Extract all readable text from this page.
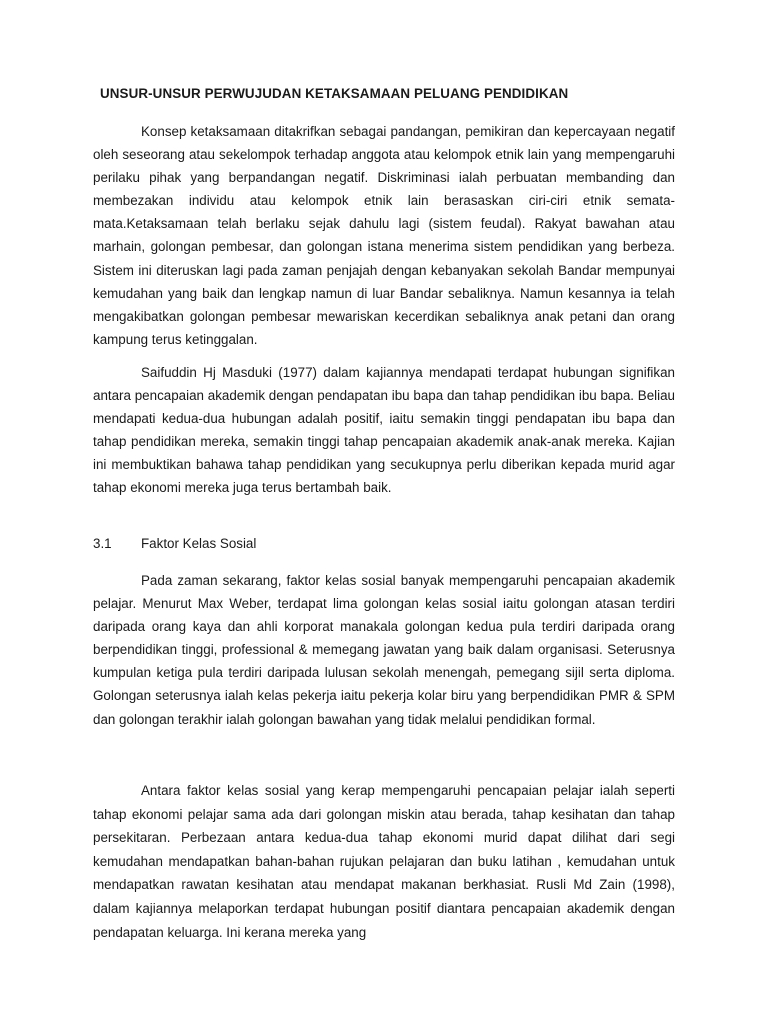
UNSUR-UNSUR PERWUJUDAN KETAKSAMAAN PELUANG PENDIDIKAN

Konsep ketaksamaan ditakrifkan sebagai pandangan, pemikiran dan kepercayaan negatif oleh seseorang atau sekelompok terhadap anggota atau kelompok etnik lain yang mempengaruhi perilaku pihak yang berpandangan negatif. Diskriminasi ialah perbuatan membanding dan membezakan individu atau kelompok etnik lain berasaskan ciri-ciri etnik semata-mata.Ketaksamaan telah berlaku sejak dahulu lagi (sistem feudal). Rakyat bawahan atau marhain, golongan pembesar, dan golongan istana menerima sistem pendidikan yang berbeza. Sistem ini diteruskan lagi pada zaman penjajah dengan kebanyakan sekolah Bandar mempunyai kemudahan yang baik dan lengkap namun di luar Bandar sebaliknya. Namun kesannya ia telah mengakibatkan golongan pembesar mewariskan kecerdikan sebaliknya anak petani dan orang kampung terus ketinggalan.

Saifuddin Hj Masduki (1977) dalam kajiannya mendapati terdapat hubungan signifikan antara pencapaian akademik dengan pendapatan ibu bapa dan tahap pendidikan ibu bapa. Beliau mendapati kedua-dua hubungan adalah positif, iaitu semakin tinggi pendapatan ibu bapa dan tahap pendidikan mereka, semakin tinggi tahap pencapaian akademik anak-anak mereka. Kajian ini membuktikan bahawa tahap pendidikan yang secukupnya perlu diberikan kepada murid agar tahap ekonomi mereka juga terus bertambah baik.

3.1 Faktor Kelas Sosial

Pada zaman sekarang, faktor kelas sosial banyak mempengaruhi pencapaian akademik pelajar. Menurut Max Weber, terdapat lima golongan kelas sosial iaitu golongan atasan terdiri daripada orang kaya dan ahli korporat manakala golongan kedua pula terdiri daripada orang berpendidikan tinggi, professional & memegang jawatan yang baik dalam organisasi. Seterusnya kumpulan ketiga pula terdiri daripada lulusan sekolah menengah, pemegang sijil serta diploma. Golongan seterusnya ialah kelas pekerja iaitu pekerja kolar biru yang berpendidikan PMR & SPM dan golongan terakhir ialah golongan bawahan yang tidak melalui pendidikan formal.

Antara faktor kelas sosial yang kerap mempengaruhi pencapaian pelajar ialah seperti tahap ekonomi pelajar sama ada dari golongan miskin atau berada, tahap kesihatan dan tahap persekitaran. Perbezaan antara kedua-dua tahap ekonomi murid dapat dilihat dari segi kemudahan mendapatkan bahan-bahan rujukan pelajaran dan buku latihan , kemudahan untuk mendapatkan rawatan kesihatan atau mendapat makanan berkhasiat. Rusli Md Zain (1998), dalam kajiannya melaporkan terdapat hubungan positif diantara pencapaian akademik dengan pendapatan keluarga. Ini kerana mereka yang
